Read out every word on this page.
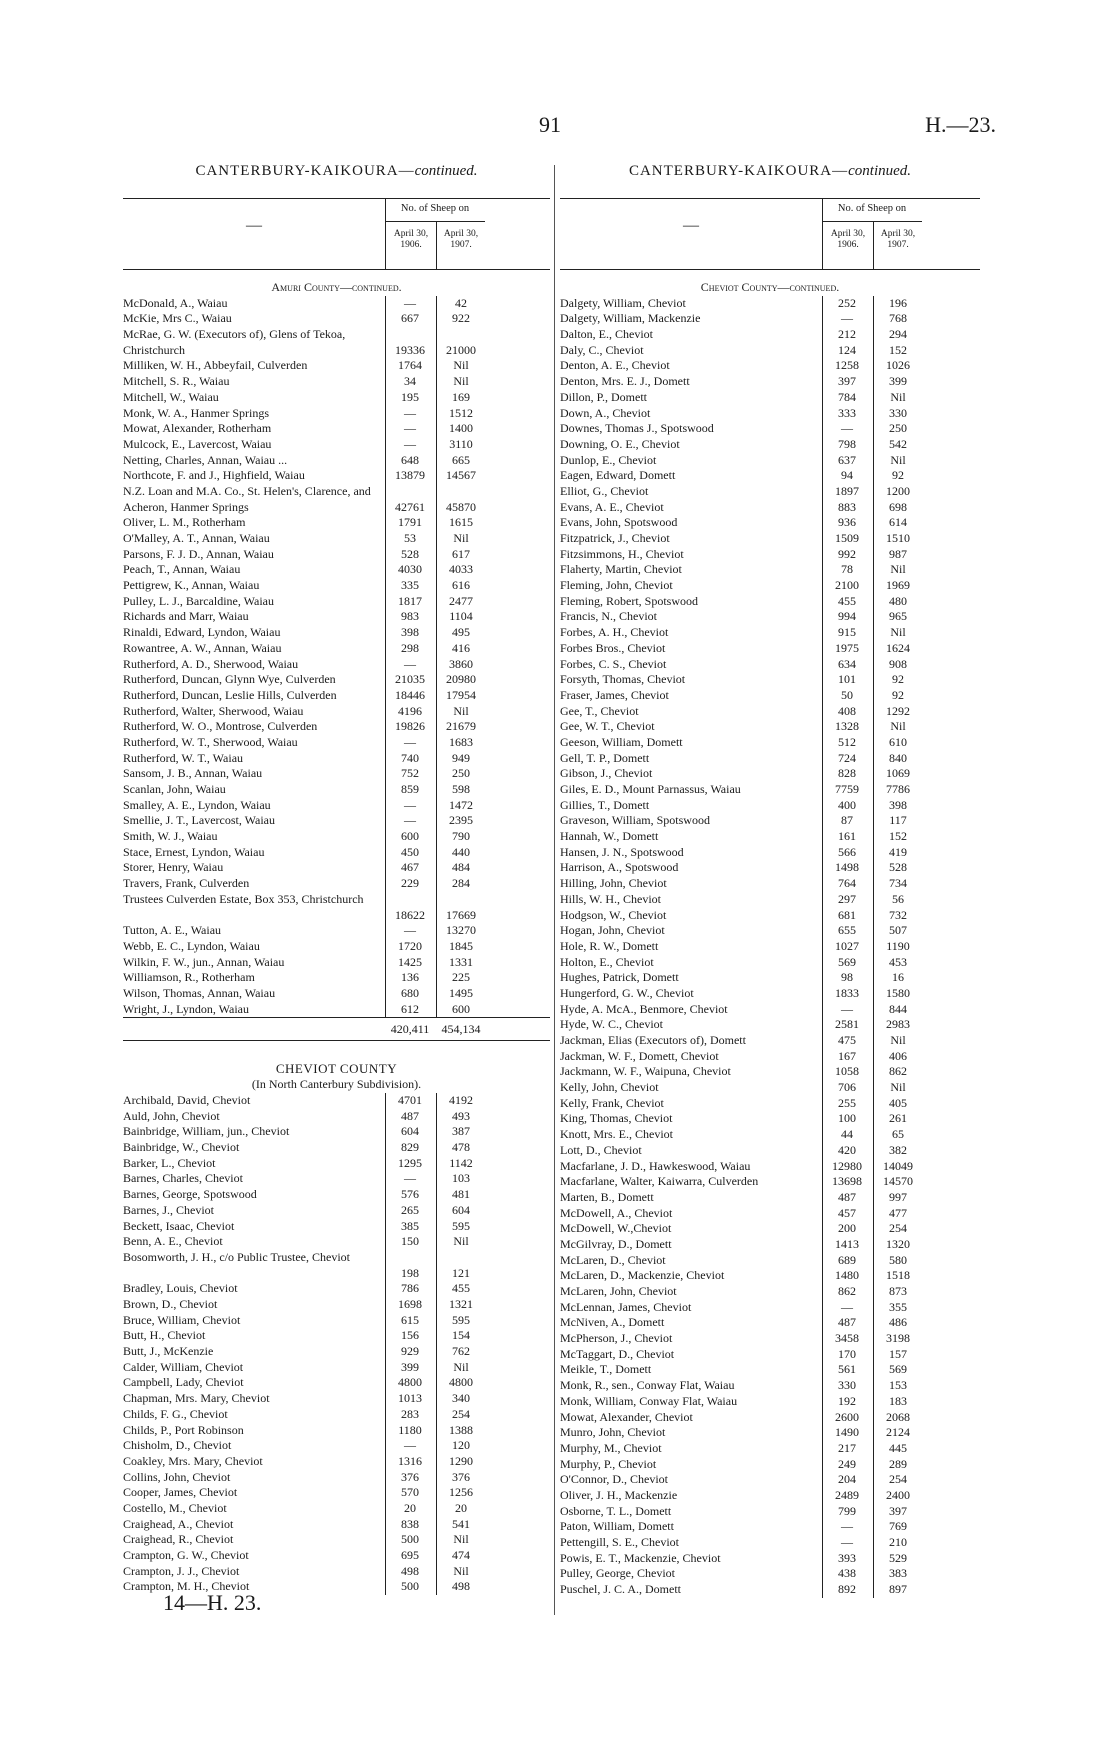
91	H.—23.
CANTERBURY-KAIKOURA—continued.
—
No. of Sheep on
April 30, 1906.
April 30, 1907.
Amuri County—continued.
McDonald, A., Waiau	—	42
McKie, Mrs C., Waiau	667	922
McRae, G. W. (Executors of), Glens of Tekoa, Christchurch	19336	21000
Milliken, W. H., Abbeyfail, Culverden	1764	Nil
Mitchell, S. R., Waiau	34	Nil
Mitchell, W., Waiau	195	169
Monk, W. A., Hanmer Springs	—	1512
Mowat, Alexander, Rotherham	—	1400
Mulcock, E., Lavercost, Waiau	—	3110
Netting, Charles, Annan, Waiau ...	648	665
Northcote, F. and J., Highfield, Waiau	13879	14567
N.Z. Loan and M.A. Co., St. Helen's, Clarence, and Acheron, Hanmer Springs	42761	45870
Oliver, L. M., Rotherham	1791	1615
O'Malley, A. T., Annan, Waiau	53	Nil
Parsons, F. J. D., Annan, Waiau	528	617
Peach, T., Annan, Waiau	4030	4033
Pettigrew, K., Annan, Waiau	335	616
Pulley, L. J., Barcaldine, Waiau	1817	2477
Richards and Marr, Waiau	983	1104
Rinaldi, Edward, Lyndon, Waiau	398	495
Rowantree, A. W., Annan, Waiau	298	416
Rutherford, A. D., Sherwood, Waiau	—	3860
Rutherford, Duncan, Glynn Wye, Culverden	21035	20980
Rutherford, Duncan, Leslie Hills, Culverden	18446	17954
Rutherford, Walter, Sherwood, Waiau	4196	Nil
Rutherford, W. O., Montrose, Culverden	19826	21679
Rutherford, W. T., Sherwood, Waiau	—	1683
Rutherford, W. T., Waiau	740	949
Sansom, J. B., Annan, Waiau	752	250
Scanlan, John, Waiau	859	598
Smalley, A. E., Lyndon, Waiau	—	1472
Smellie, J. T., Lavercost, Waiau	—	2395
Smith, W. J., Waiau	600	790
Stace, Ernest, Lyndon, Waiau	450	440
Storer, Henry, Waiau	467	484
Travers, Frank, Culverden	229	284
Trustees Culverden Estate, Box 353, Christchurch
18622	17669
Tutton, A. E., Waiau	—	13270
Webb, E. C., Lyndon, Waiau	1720	1845
Wilkin, F. W., jun., Annan, Waiau	1425	1331
Williamson, R., Rotherham	136	225
Wilson, Thomas, Annan, Waiau	680	1495
Wright, J., Lyndon, Waiau	612	600
420,411	454,134
CHEVIOT COUNTY
(In North Canterbury Subdivision).
Archibald, David, Cheviot	4701	4192
Auld, John, Cheviot	487	493
Bainbridge, William, jun., Cheviot	604	387
Bainbridge, W., Cheviot	829	478
Barker, L., Cheviot	1295	1142
Barnes, Charles, Cheviot	—	103
Barnes, George, Spotswood	576	481
Barnes, J., Cheviot	265	604
Beckett, Isaac, Cheviot	385	595
Benn, A. E., Cheviot	150	Nil
Bosomworth, J. H., c/o Public Trustee, Cheviot
198	121
Bradley, Louis, Cheviot	786	455
Brown, D., Cheviot	1698	1321
Bruce, William, Cheviot	615	595
Butt, H., Cheviot	156	154
Butt, J., McKenzie	929	762
Calder, William, Cheviot	399	Nil
Campbell, Lady, Cheviot	4800	4800
Chapman, Mrs. Mary, Cheviot	1013	340
Childs, F. G., Cheviot	283	254
Childs, P., Port Robinson	1180	1388
Chisholm, D., Cheviot	—	120
Coakley, Mrs. Mary, Cheviot	1316	1290
Collins, John, Cheviot	376	376
Cooper, James, Cheviot	570	1256
Costello, M., Cheviot	20	20
Craighead, A., Cheviot	838	541
Craighead, R., Cheviot	500	Nil
Crampton, G. W., Cheviot	695	474
Crampton, J. J., Cheviot	498	Nil
Crampton, M. H., Cheviot	500	498
CANTERBURY-KAIKOURA—continued.
—
No. of Sheep on
April 30, 1906.
April 30, 1907.
Cheviot County—continued.
Dalgety, William, Cheviot	252	196
Dalgety, William, Mackenzie	—	768
Dalton, E., Cheviot	212	294
Daly, C., Cheviot	124	152
Denton, A. E., Cheviot	1258	1026
Denton, Mrs. E. J., Domett	397	399
Dillon, P., Domett	784	Nil
Down, A., Cheviot	333	330
Downes, Thomas J., Spotswood	—	250
Downing, O. E., Cheviot	798	542
Dunlop, E., Cheviot	637	Nil
Eagen, Edward, Domett	94	92
Elliot, G., Cheviot	1897	1200
Evans, A. E., Cheviot	883	698
Evans, John, Spotswood	936	614
Fitzpatrick, J., Cheviot	1509	1510
Fitzsimmons, H., Cheviot	992	987
Flaherty, Martin, Cheviot	78	Nil
Fleming, John, Cheviot	2100	1969
Fleming, Robert, Spotswood	455	480
Francis, N., Cheviot	994	965
Forbes, A. H., Cheviot	915	Nil
Forbes Bros., Cheviot	1975	1624
Forbes, C. S., Cheviot	634	908
Forsyth, Thomas, Cheviot	101	92
Fraser, James, Cheviot	50	92
Gee, T., Cheviot	408	1292
Gee, W. T., Cheviot	1328	Nil
Geeson, William, Domett	512	610
Gell, T. P., Domett	724	840
Gibson, J., Cheviot	828	1069
Giles, E. D., Mount Parnassus, Waiau	7759	7786
Gillies, T., Domett	400	398
Graveson, William, Spotswood	87	117
Hannah, W., Domett	161	152
Hansen, J. N., Spotswood	566	419
Harrison, A., Spotswood	1498	528
Hilling, John, Cheviot	764	734
Hills, W. H., Cheviot	297	56
Hodgson, W., Cheviot	681	732
Hogan, John, Cheviot	655	507
Hole, R. W., Domett	1027	1190
Holton, E., Cheviot	569	453
Hughes, Patrick, Domett	98	16
Hungerford, G. W., Cheviot	1833	1580
Hyde, A. McA., Benmore, Cheviot	—	844
Hyde, W. C., Cheviot	2581	2983
Jackman, Elias (Executors of), Domett	475	Nil
Jackman, W. F., Domett, Cheviot	167	406
Jackmann, W. F., Waipuna, Cheviot	1058	862
Kelly, John, Cheviot	706	Nil
Kelly, Frank, Cheviot	255	405
King, Thomas, Cheviot	100	261
Knott, Mrs. E., Cheviot	44	65
Lott, D., Cheviot	420	382
Macfarlane, J. D., Hawkeswood, Waiau	12980	14049
Macfarlane, Walter, Kaiwarra, Culverden	13698	14570
Marten, B., Domett	487	997
McDowell, A., Cheviot	457	477
McDowell, W.,Cheviot	200	254
McGilvray, D., Domett	1413	1320
McLaren, D., Cheviot	689	580
McLaren, D., Mackenzie, Cheviot	1480	1518
McLaren, John, Cheviot	862	873
McLennan, James, Cheviot	—	355
McNiven, A., Domett	487	486
McPherson, J., Cheviot	3458	3198
McTaggart, D., Cheviot	170	157
Meikle, T., Domett	561	569
Monk, R., sen., Conway Flat, Waiau	330	153
Monk, William, Conway Flat, Waiau	192	183
Mowat, Alexander, Cheviot	2600	2068
Munro, John, Cheviot	1490	2124
Murphy, M., Cheviot	217	445
Murphy, P., Cheviot	249	289
O'Connor, D., Cheviot	204	254
Oliver, J. H., Mackenzie	2489	2400
Osborne, T. L., Domett	799	397
Paton, William, Domett	—	769
Pettengill, S. E., Cheviot	—	210
Powis, E. T., Mackenzie, Cheviot	393	529
Pulley, George, Cheviot	438	383
Puschel, J. C. A., Domett	892	897
14—H. 23.
